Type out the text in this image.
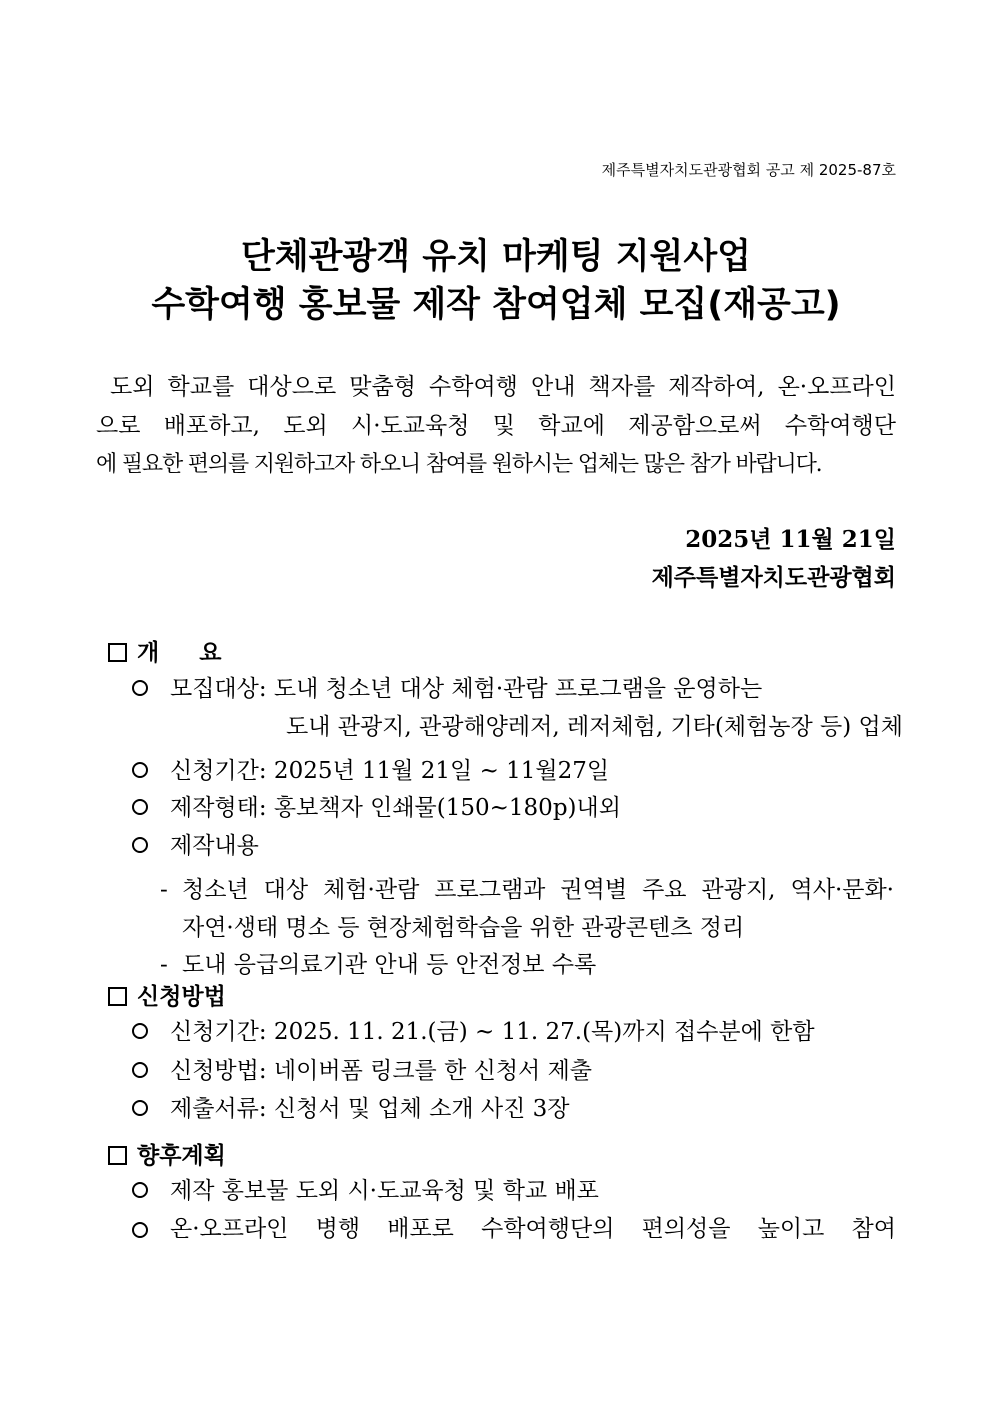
제주특별자치도관광협회 공고 제 2025-87호
단체관광객 유치 마케팅 지원사업
수학여행 홍보물 제작 참여업체 모집(재공고)
도외 학교를 대상으로 맞춤형 수학여행 안내 책자를 제작하여, 온·오프라인
으로 배포하고, 도외 시·도교육청 및 학교에 제공함으로써 수학여행단
에 필요한 편의를 지원하고자 하오니 참여를 원하시는 업체는 많은 참가 바랍니다.
2025년 11월 21일
제주특별자치도관광협회
개     요
모집대상: 도내 청소년 대상 체험·관람 프로그램을 운영하는
도내 관광지, 관광해양레저, 레저체험, 기타(체험농장 등) 업체
신청기간: 2025년 11월 21일 ~ 11월27일
제작형태: 홍보책자 인쇄물(150~180p)내외
제작내용
- 청소년 대상 체험·관람 프로그램과 권역별 주요 관광지, 역사·문화·
자연·생태 명소 등 현장체험학습을 위한 관광콘텐츠 정리
- 도내 응급의료기관 안내 등 안전정보 수록
신청방법
신청기간: 2025. 11. 21.(금) ~ 11. 27.(목)까지 접수분에 한함
신청방법: 네이버폼 링크를 한 신청서 제출
제출서류: 신청서 및 업체 소개 사진 3장
향후계획
제작 홍보물 도외 시·도교육청 및 학교 배포
온·오프라인 병행 배포로 수학여행단의 편의성을 높이고 참여
